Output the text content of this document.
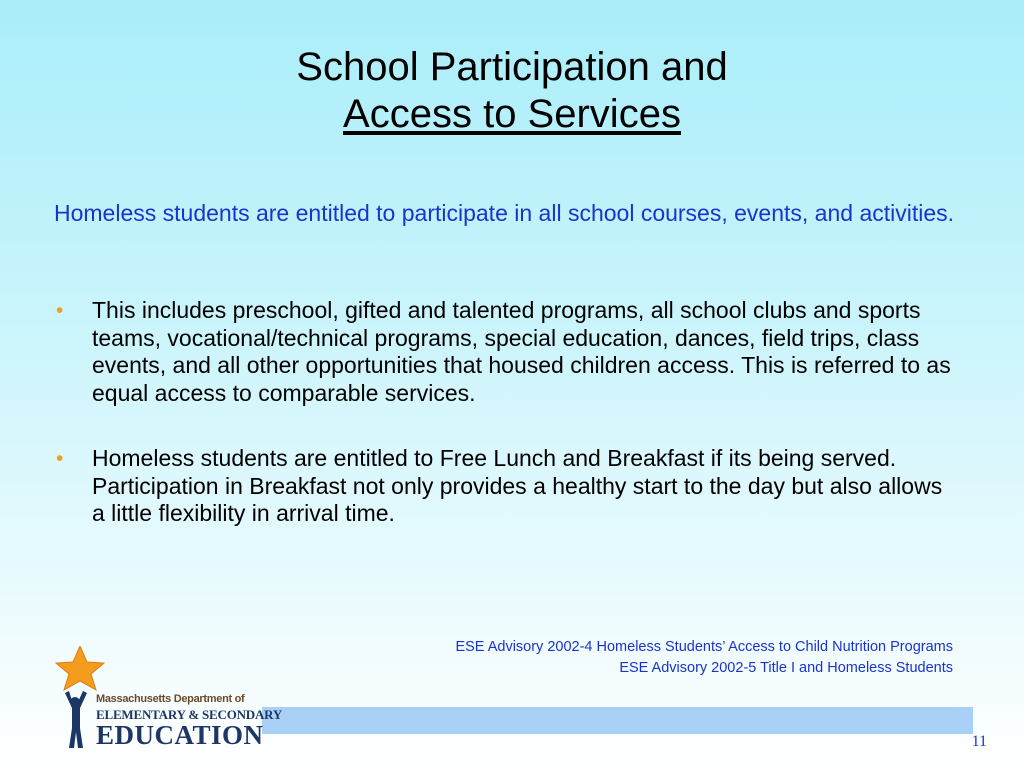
School Participation and
Access to Services
Homeless students are entitled to participate in all school courses, events, and activities.
• This includes preschool, gifted and talented programs, all school clubs and sports teams, vocational/technical programs, special education, dances, field trips, class events, and all other opportunities that housed children access. This is referred to as equal access to comparable services.
• Homeless students are entitled to Free Lunch and Breakfast if its being served. Participation in Breakfast not only provides a healthy start to the day but also allows a little flexibility in arrival time.
ESE Advisory 2002-4 Homeless Students’ Access to Child Nutrition Programs
ESE Advisory 2002-5 Title I and Homeless Students
Massachusetts Department of
ELEMENTARY & SECONDARY
EDUCATION	11
